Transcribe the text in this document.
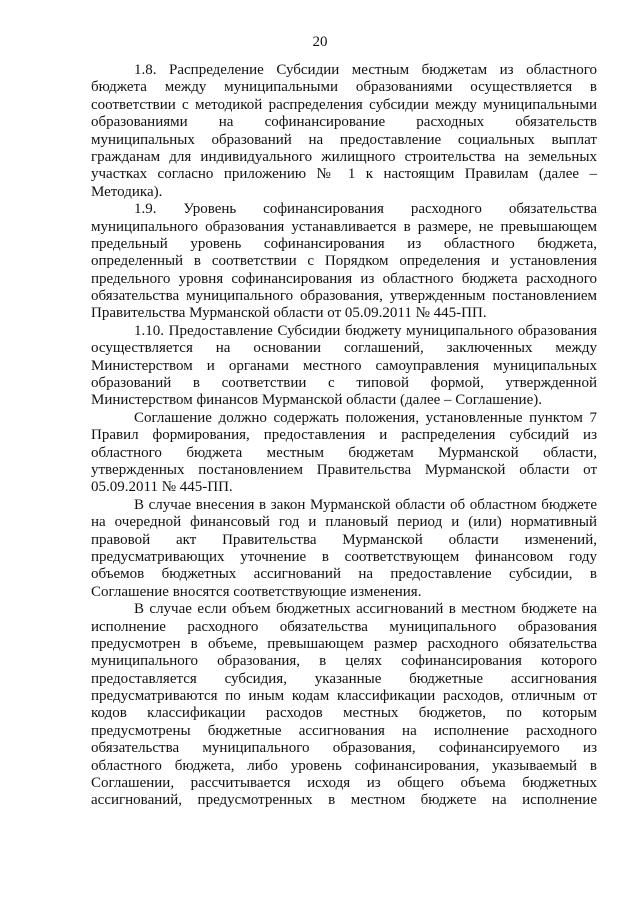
20
1.8. Распределение Субсидии местным бюджетам из областного
бюджета между муниципальными образованиями осуществляется в
соответствии с методикой распределения субсидии между муниципальными
образованиями на софинансирование расходных обязательств
муниципальных образований на предоставление социальных выплат
гражданам для индивидуального жилищного строительства на земельных
участках согласно приложению № 1 к настоящим Правилам (далее –
Методика).
1.9. Уровень софинансирования расходного обязательства
муниципального образования устанавливается в размере, не превышающем
предельный уровень софинансирования из областного бюджета,
определенный в соответствии с Порядком определения и установления
предельного уровня софинансирования из областного бюджета расходного
обязательства муниципального образования, утвержденным постановлением
Правительства Мурманской области от 05.09.2011 № 445-ПП.
1.10. Предоставление Субсидии бюджету муниципального образования
осуществляется на основании соглашений, заключенных между
Министерством и органами местного самоуправления муниципальных
образований в соответствии с типовой формой, утвержденной
Министерством финансов Мурманской области (далее – Соглашение).
Соглашение должно содержать положения, установленные пунктом 7
Правил формирования, предоставления и распределения субсидий из
областного бюджета местным бюджетам Мурманской области,
утвержденных постановлением Правительства Мурманской области от
05.09.2011 № 445-ПП.
В случае внесения в закон Мурманской области об областном бюджете
на очередной финансовый год и плановый период и (или) нормативный
правовой акт Правительства Мурманской области изменений,
предусматривающих уточнение в соответствующем финансовом году
объемов бюджетных ассигнований на предоставление субсидии, в
Соглашение вносятся соответствующие изменения.
В случае если объем бюджетных ассигнований в местном бюджете на
исполнение расходного обязательства муниципального образования
предусмотрен в объеме, превышающем размер расходного обязательства
муниципального образования, в целях софинансирования которого
предоставляется субсидия, указанные бюджетные ассигнования
предусматриваются по иным кодам классификации расходов, отличным от
кодов классификации расходов местных бюджетов, по которым
предусмотрены бюджетные ассигнования на исполнение расходного
обязательства муниципального образования, софинансируемого из
областного бюджета, либо уровень софинансирования, указываемый в
Соглашении, рассчитывается исходя из общего объема бюджетных
ассигнований, предусмотренных в местном бюджете на исполнение
